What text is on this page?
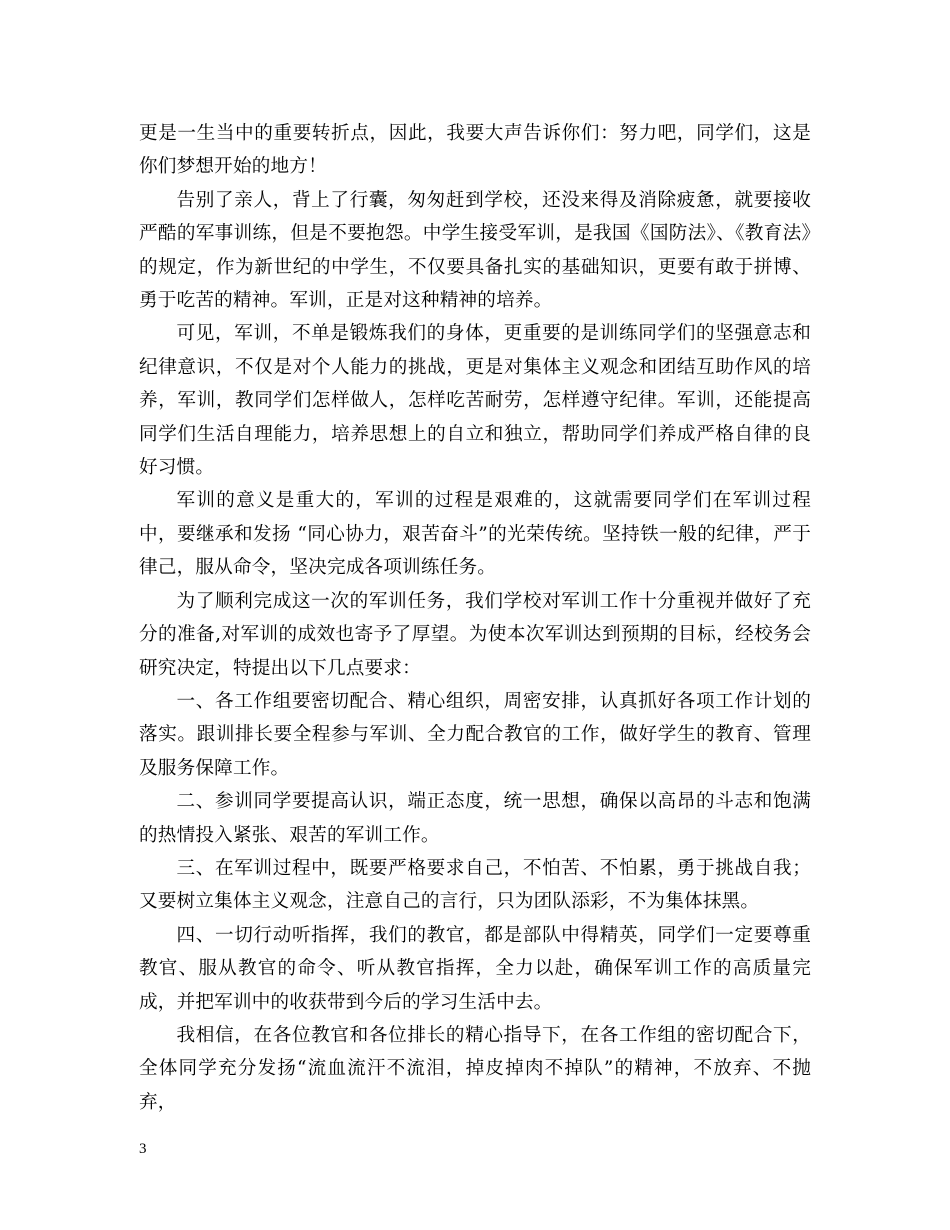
更是一生当中的重要转折点，因此，我要大声告诉你们：努力吧，同学们，这是你们梦想开始的地方！

告别了亲人，背上了行囊，匆匆赶到学校，还没来得及消除疲惫，就要接收严酷的军事训练，但是不要抱怨。中学生接受军训，是我国《国防法》、《教育法》的规定，作为新世纪的中学生，不仅要具备扎实的基础知识，更要有敢于拼博、勇于吃苦的精神。军训，正是对这种精神的培养。

可见，军训，不单是锻炼我们的身体，更重要的是训练同学们的坚强意志和纪律意识，不仅是对个人能力的挑战，更是对集体主义观念和团结互助作风的培养，军训，教同学们怎样做人，怎样吃苦耐劳，怎样遵守纪律。军训，还能提高同学们生活自理能力，培养思想上的自立和独立，帮助同学们养成严格自律的良好习惯。

军训的意义是重大的，军训的过程是艰难的，这就需要同学们在军训过程中，要继承和发扬 “同心协力，艰苦奋斗”的光荣传统。坚持铁一般的纪律，严于律己，服从命令，坚决完成各项训练任务。

为了顺利完成这一次的军训任务，我们学校对军训工作十分重视并做好了充分的准备,对军训的成效也寄予了厚望。为使本次军训达到预期的目标，经校务会研究决定，特提出以下几点要求：

一、各工作组要密切配合、精心组织，周密安排，认真抓好各项工作计划的落实。跟训排长要全程参与军训、全力配合教官的工作，做好学生的教育、管理及服务保障工作。

二、参训同学要提高认识，端正态度，统一思想，确保以高昂的斗志和饱满的热情投入紧张、艰苦的军训工作。

三、在军训过程中，既要严格要求自己，不怕苦、不怕累，勇于挑战自我；又要树立集体主义观念，注意自己的言行，只为团队添彩，不为集体抹黑。

四、一切行动听指挥，我们的教官，都是部队中得精英，同学们一定要尊重教官、服从教官的命令、听从教官指挥，全力以赴，确保军训工作的高质量完成，并把军训中的收获带到今后的学习生活中去。

我相信，在各位教官和各位排长的精心指导下，在各工作组的密切配合下，全体同学充分发扬“流血流汗不流泪，掉皮掉肉不掉队”的精神，不放弃、不抛弃，

3
